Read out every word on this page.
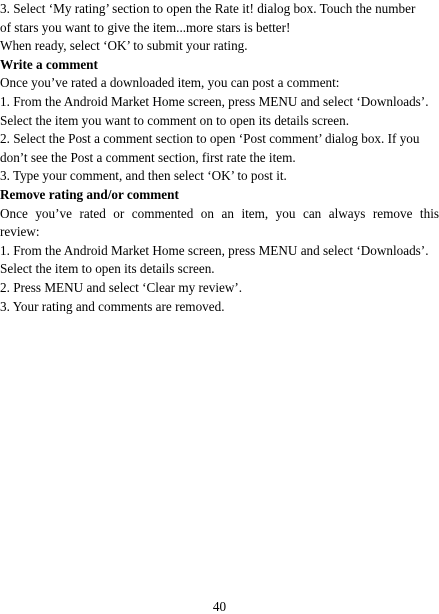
3. Select ‘My rating’ section to open the Rate it! dialog box. Touch the number

of stars you want to give the item...more stars is better!

When ready, select ‘OK’ to submit your rating.

Write a comment

Once you’ve rated a downloaded item, you can post a comment:

1. From the Android Market Home screen, press MENU and select ‘Downloads’.

Select the item you want to comment on to open its details screen.

2. Select the Post a comment section to open ‘Post comment’ dialog box. If you

don’t see the Post a comment section, first rate the item.

3. Type your comment, and then select ‘OK’ to post it.

Remove rating and/or comment

Once you’ve rated or commented on an item, you can always remove this

review:

1. From the Android Market Home screen, press MENU and select ‘Downloads’.

Select the item to open its details screen.

2. Press MENU and select ‘Clear my review’.

3. Your rating and comments are removed.

40
